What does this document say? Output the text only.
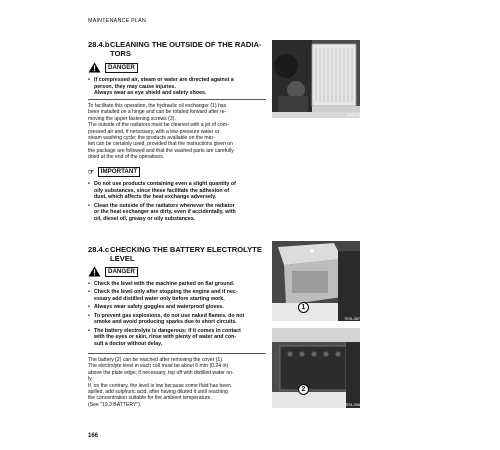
MAINTENANCE PLAN
28.4.bCLEANING THE OUTSIDE OF THE RADIA-
TORS
DANGER
• If compressed air, steam or water are directed against a
person, they may cause injuries.
Always wear an eye shield and safety shoes.
To facilitate this operation, the hydraulic oil exchanger (1) has
been installed on a hinge and can be rotated forward after re-
moving the upper fastening screws (2).
The outside of the radiators must be cleaned with a jet of com-
pressed air and, if necessary, with a low-pressure water or
steam washing cycle; the products available on the mar-
ket can be certainly used, provided that the instructions given on
the package are followed and that the washed parts are carefully
dried at the end of the operations.
☞	IMPORTANT
• Do not use products containing even a slight quantity of
oily substances, since these facilitate the adhesion of
dust, which affects the heat exchange adversely.
• Clean the outside of the radiators whenever the radiator
or the heat exchanger are dirty, even if accidentally, with
oil, diesel oil, greasy or oily substances.
TE91-1000
28.4.cCHECKING THE BATTERY ELECTROLYTE
LEVEL
DANGER
• Check the level with the machine parked on flat ground.
• Check the level only after stopping the engine and if nec-
essary add distilled water only before starting work.
• Always wear safety goggles and waterproof gloves.
• To prevent gas explosions, do not use naked flames, do not
smoke and avoid producing sparks due to short circuits.
• The battery electrolyte is dangerous; if it comes in contact
with the eyes or skin, rinse with plenty of water and con-
sult a doctor without delay.
The battery (2) can be reached after removing the cover (1).
The electrolyte level in each cell must be about 6 mm (0.24 in)
above the plate edge; if necessary, top off with distilled water on-
ly.
If, on the contrary, the level is low because some fluid has been
spilled, add sulphuric acid, after having diluted it until reaching
the concentration suitable for the ambient temperature.
(See "19.3 BATTERY").
1
TE91-0870
2
TE91-0980
166
